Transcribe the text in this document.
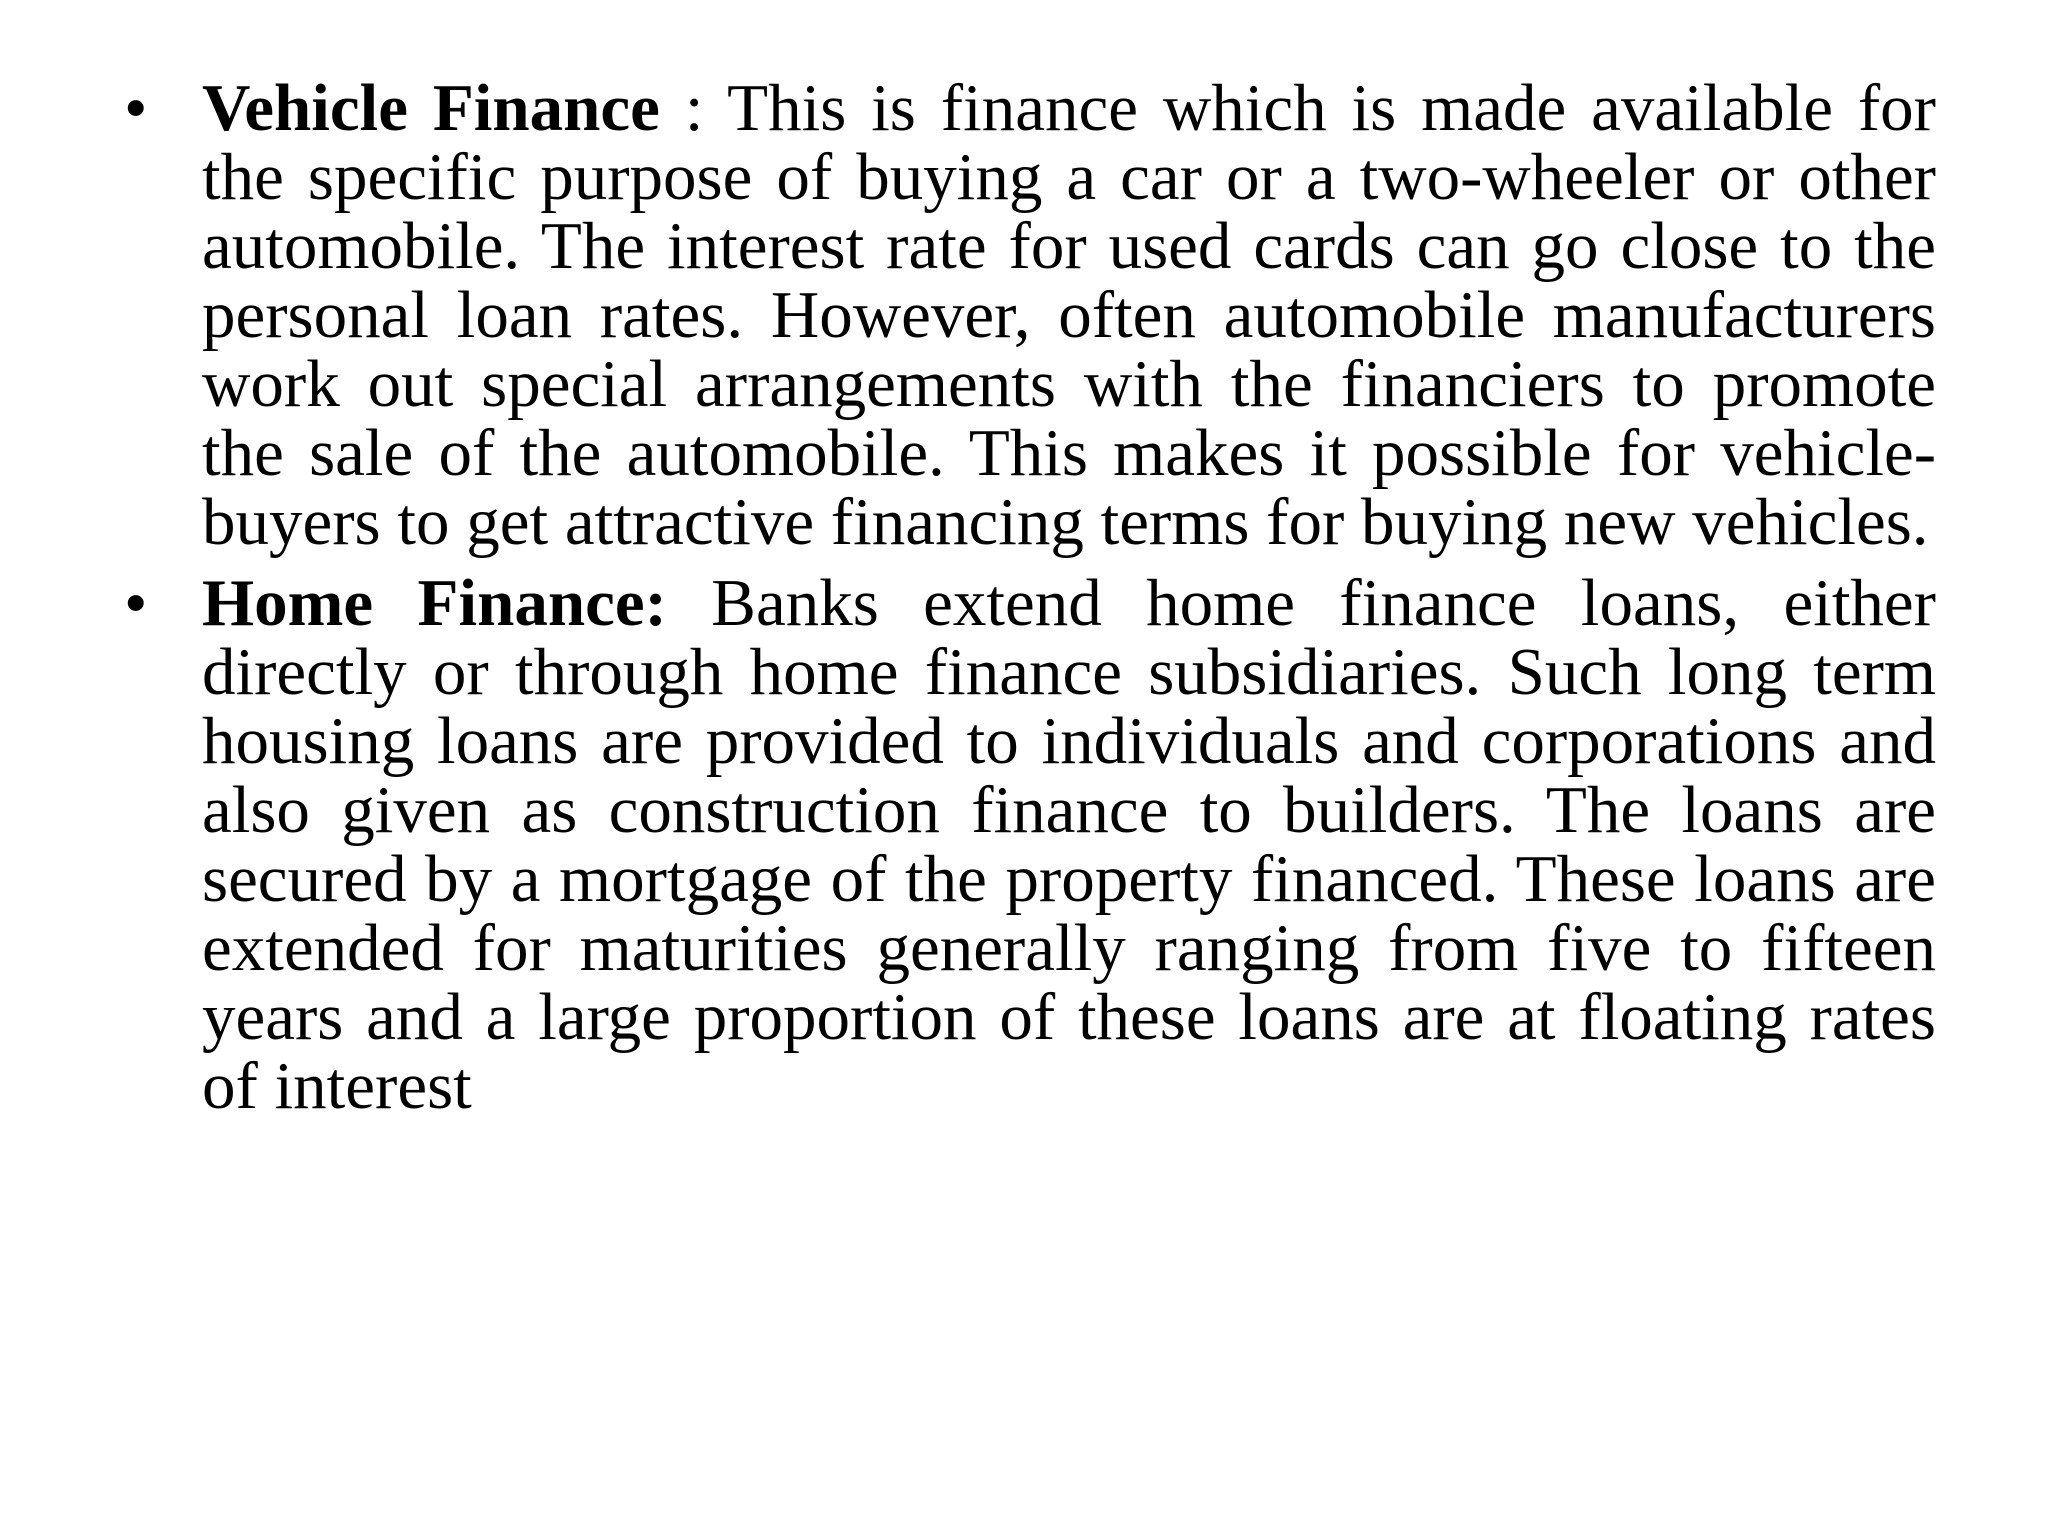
• Vehicle Finance : This is finance which is made available for the specific purpose of buying a car or a two-wheeler or other automobile. The interest rate for used cards can go close to the personal loan rates. However, often automobile manufacturers work out special arrangements with the financiers to promote the sale of the automobile. This makes it possible for vehicle-buyers to get attractive financing terms for buying new vehicles.
• Home Finance: Banks extend home finance loans, either directly or through home finance subsidiaries. Such long term housing loans are provided to individuals and corporations and also given as construction finance to builders. The loans are secured by a mortgage of the property financed. These loans are extended for maturities generally ranging from five to fifteen years and a large proportion of these loans are at floating rates of interest
